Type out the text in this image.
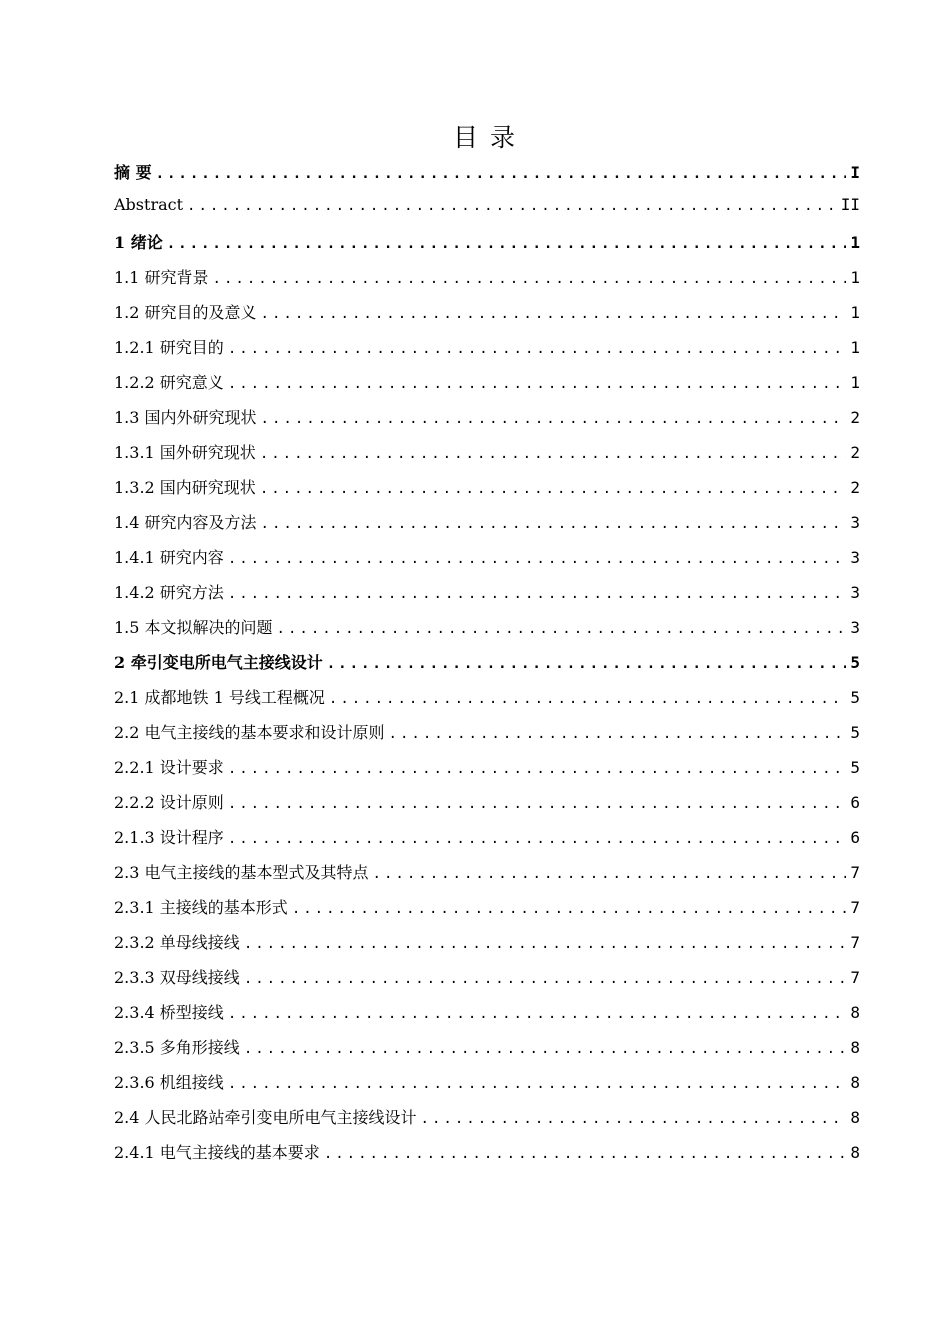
目 录
摘 要 .....	I
Abstract .....	II
1 绪论 .....	1
1.1 研究背景 .....	1
1.2 研究目的及意义 .....	1
1.2.1 研究目的 .....	1
1.2.2 研究意义 .....	1
1.3 国内外研究现状 .....	2
1.3.1 国外研究现状 .....	2
1.3.2 国内研究现状 .....	2
1.4 研究内容及方法 .....	3
1.4.1 研究内容 .....	3
1.4.2 研究方法 .....	3
1.5 本文拟解决的问题 .....	3
2 牵引变电所电气主接线设计 .....	5
2.1 成都地铁 1 号线工程概况 .....	5
2.2 电气主接线的基本要求和设计原则 .....	5
2.2.1 设计要求 .....	5
2.2.2 设计原则 .....	6
2.1.3 设计程序 .....	6
2.3 电气主接线的基本型式及其特点 .....	7
2.3.1 主接线的基本形式 .....	7
2.3.2 单母线接线 .....	7
2.3.3 双母线接线 .....	7
2.3.4 桥型接线 .....	8
2.3.5 多角形接线 .....	8
2.3.6 机组接线 .....	8
2.4 人民北路站牵引变电所电气主接线设计 .....	8
2.4.1 电气主接线的基本要求 .....	8
